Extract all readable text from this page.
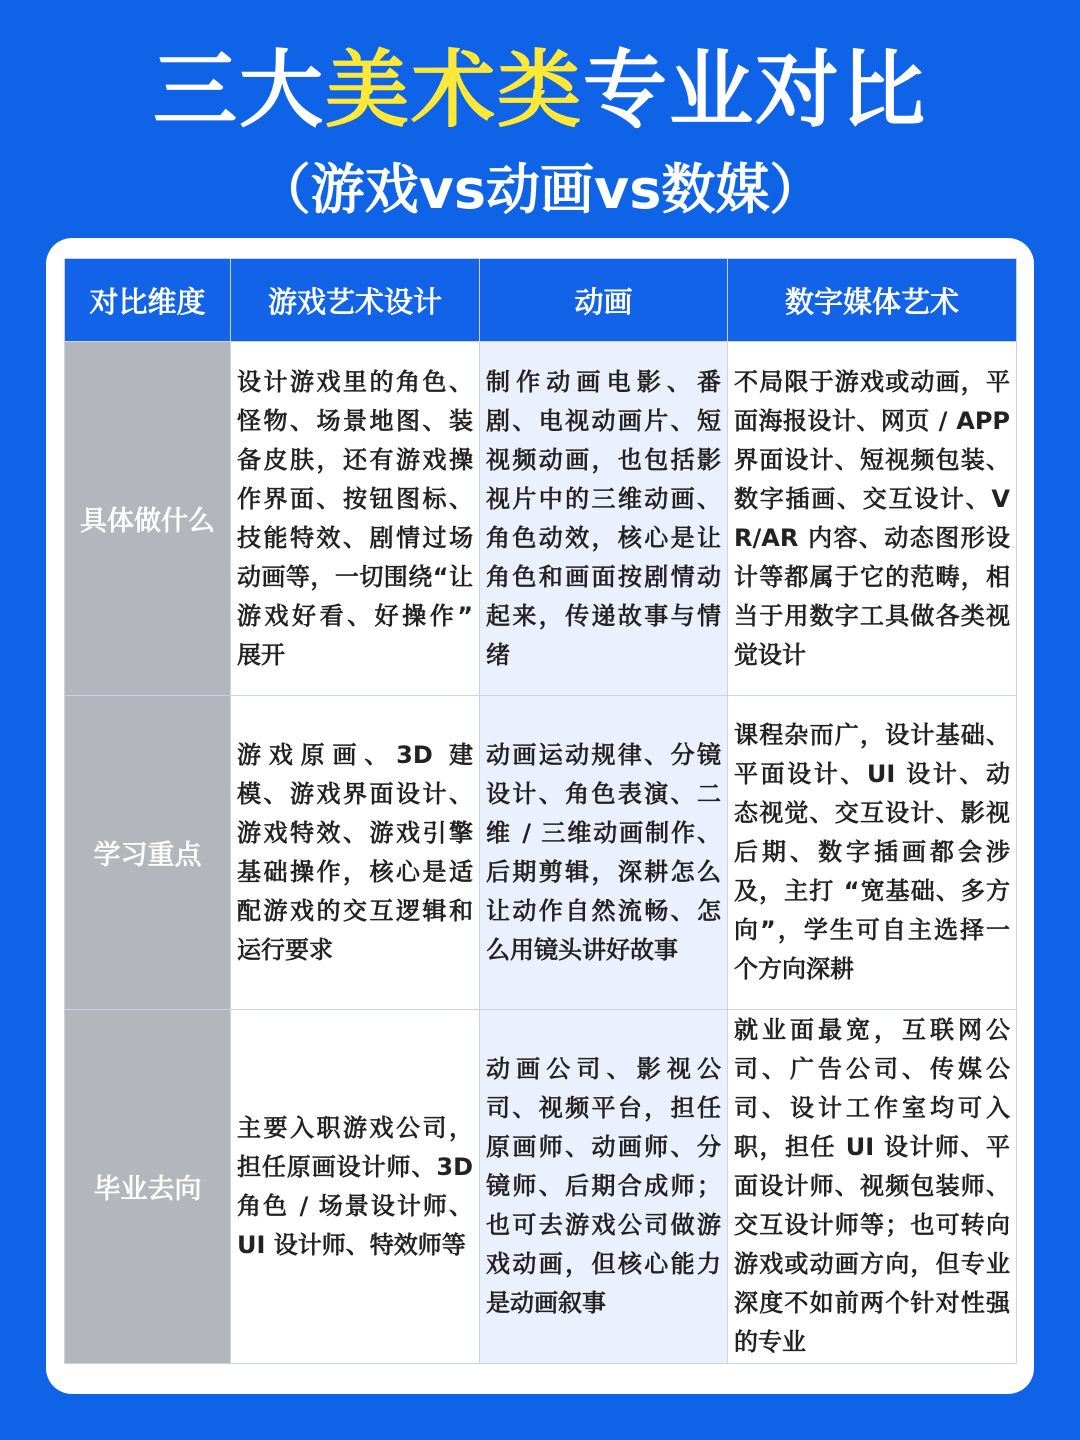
三大美术类专业对比
（游戏vs动画vs数媒）
对比维度	游戏艺术设计	动画	数字媒体艺术
具体做什么	设计游戏里的角色、怪物、场景地图、装备皮肤，还有游戏操作界面、按钮图标、技能特效、剧情过场动画等，一切围绕“让游戏好看、好操作” 展开	制作动画电影、番剧、电视动画片、短视频动画，也包括影视片中的三维动画、角色动效，核心是让角色和画面按剧情动起来，传递故事与情绪	不局限于游戏或动画，平面海报设计、网页 / APP 界面设计、短视频包装、数字插画、交互设计、VR/AR 内容、动态图形设计等都属于它的范畴，相当于用数字工具做各类视觉设计
学习重点	游戏原画、3D 建模、游戏界面设计、游戏特效、游戏引擎基础操作，核心是适配游戏的交互逻辑和运行要求	动画运动规律、分镜设计、角色表演、二维 / 三维动画制作、后期剪辑，深耕怎么让动作自然流畅、怎么用镜头讲好故事	课程杂而广，设计基础、平面设计、UI 设计、动态视觉、交互设计、影视后期、数字插画都会涉及，主打 “宽基础、多方向”，学生可自主选择一个方向深耕
毕业去向	主要入职游戏公司，担任原画设计师、3D 角色 / 场景设计师、UI 设计师、特效师等	动画公司、影视公司、视频平台，担任原画师、动画师、分镜师、后期合成师；也可去游戏公司做游戏动画，但核心能力是动画叙事	就业面最宽，互联网公司、广告公司、传媒公司、设计工作室均可入职，担任 UI 设计师、平面设计师、视频包装师、交互设计师等；也可转向游戏或动画方向，但专业深度不如前两个针对性强的专业
